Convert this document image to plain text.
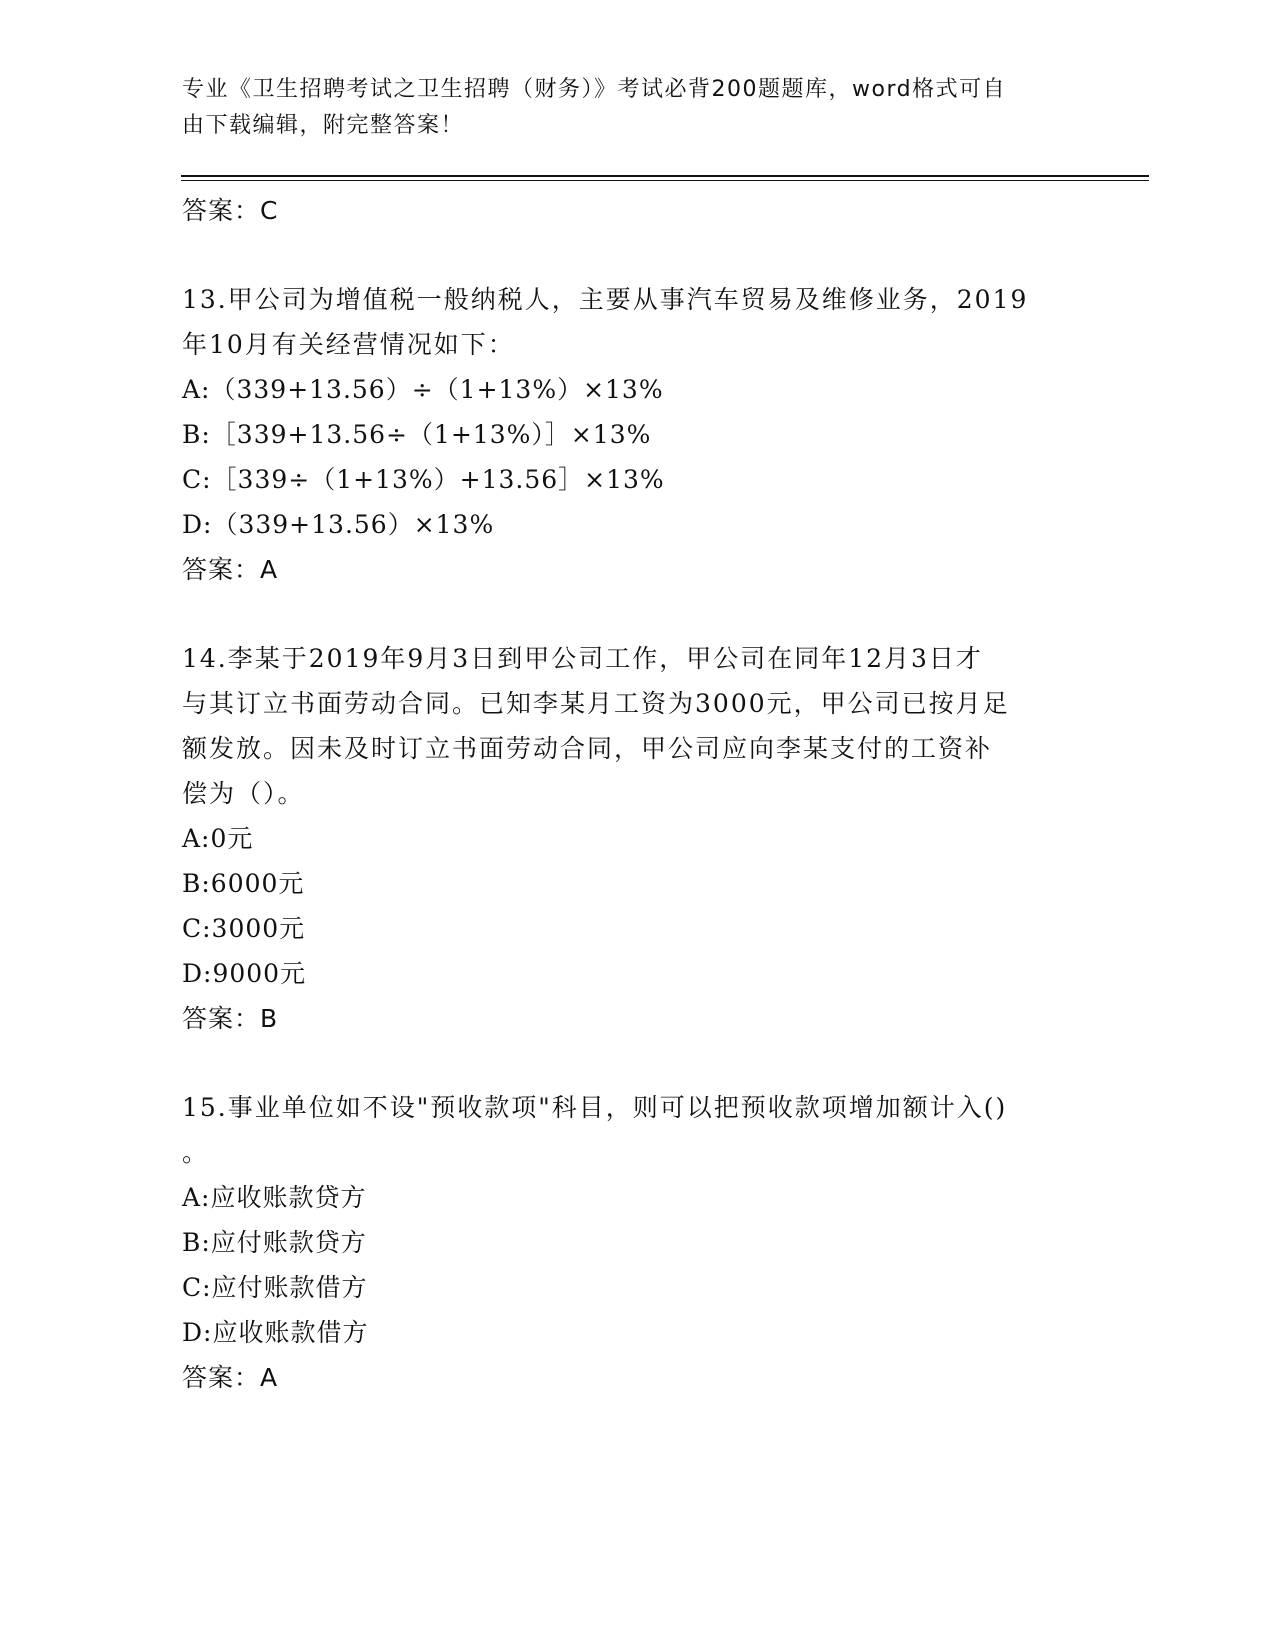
专业《卫生招聘考试之卫生招聘（财务）》考试必背200题题库，word格式可自
由下载编辑，附完整答案！

答案：C

13.甲公司为增值税一般纳税人，主要从事汽车贸易及维修业务，2019

年10月有关经营情况如下：

A:（339+13.56）÷（1+13%）×13%

B:［339+13.56÷（1+13%）］×13%

C:［339÷（1+13%）+13.56］×13%

D:（339+13.56）×13%

答案：A

14.李某于2019年9月3日到甲公司工作，甲公司在同年12月3日才

与其订立书面劳动合同。已知李某月工资为3000元，甲公司已按月足

额发放。因未及时订立书面劳动合同，甲公司应向李某支付的工资补

偿为（）。

A:0元

B:6000元

C:3000元

D:9000元

答案：B

15.事业单位如不设"预收款项"科目，则可以把预收款项增加额计入()

。

A:应收账款贷方

B:应付账款贷方

C:应付账款借方

D:应收账款借方

答案：A
